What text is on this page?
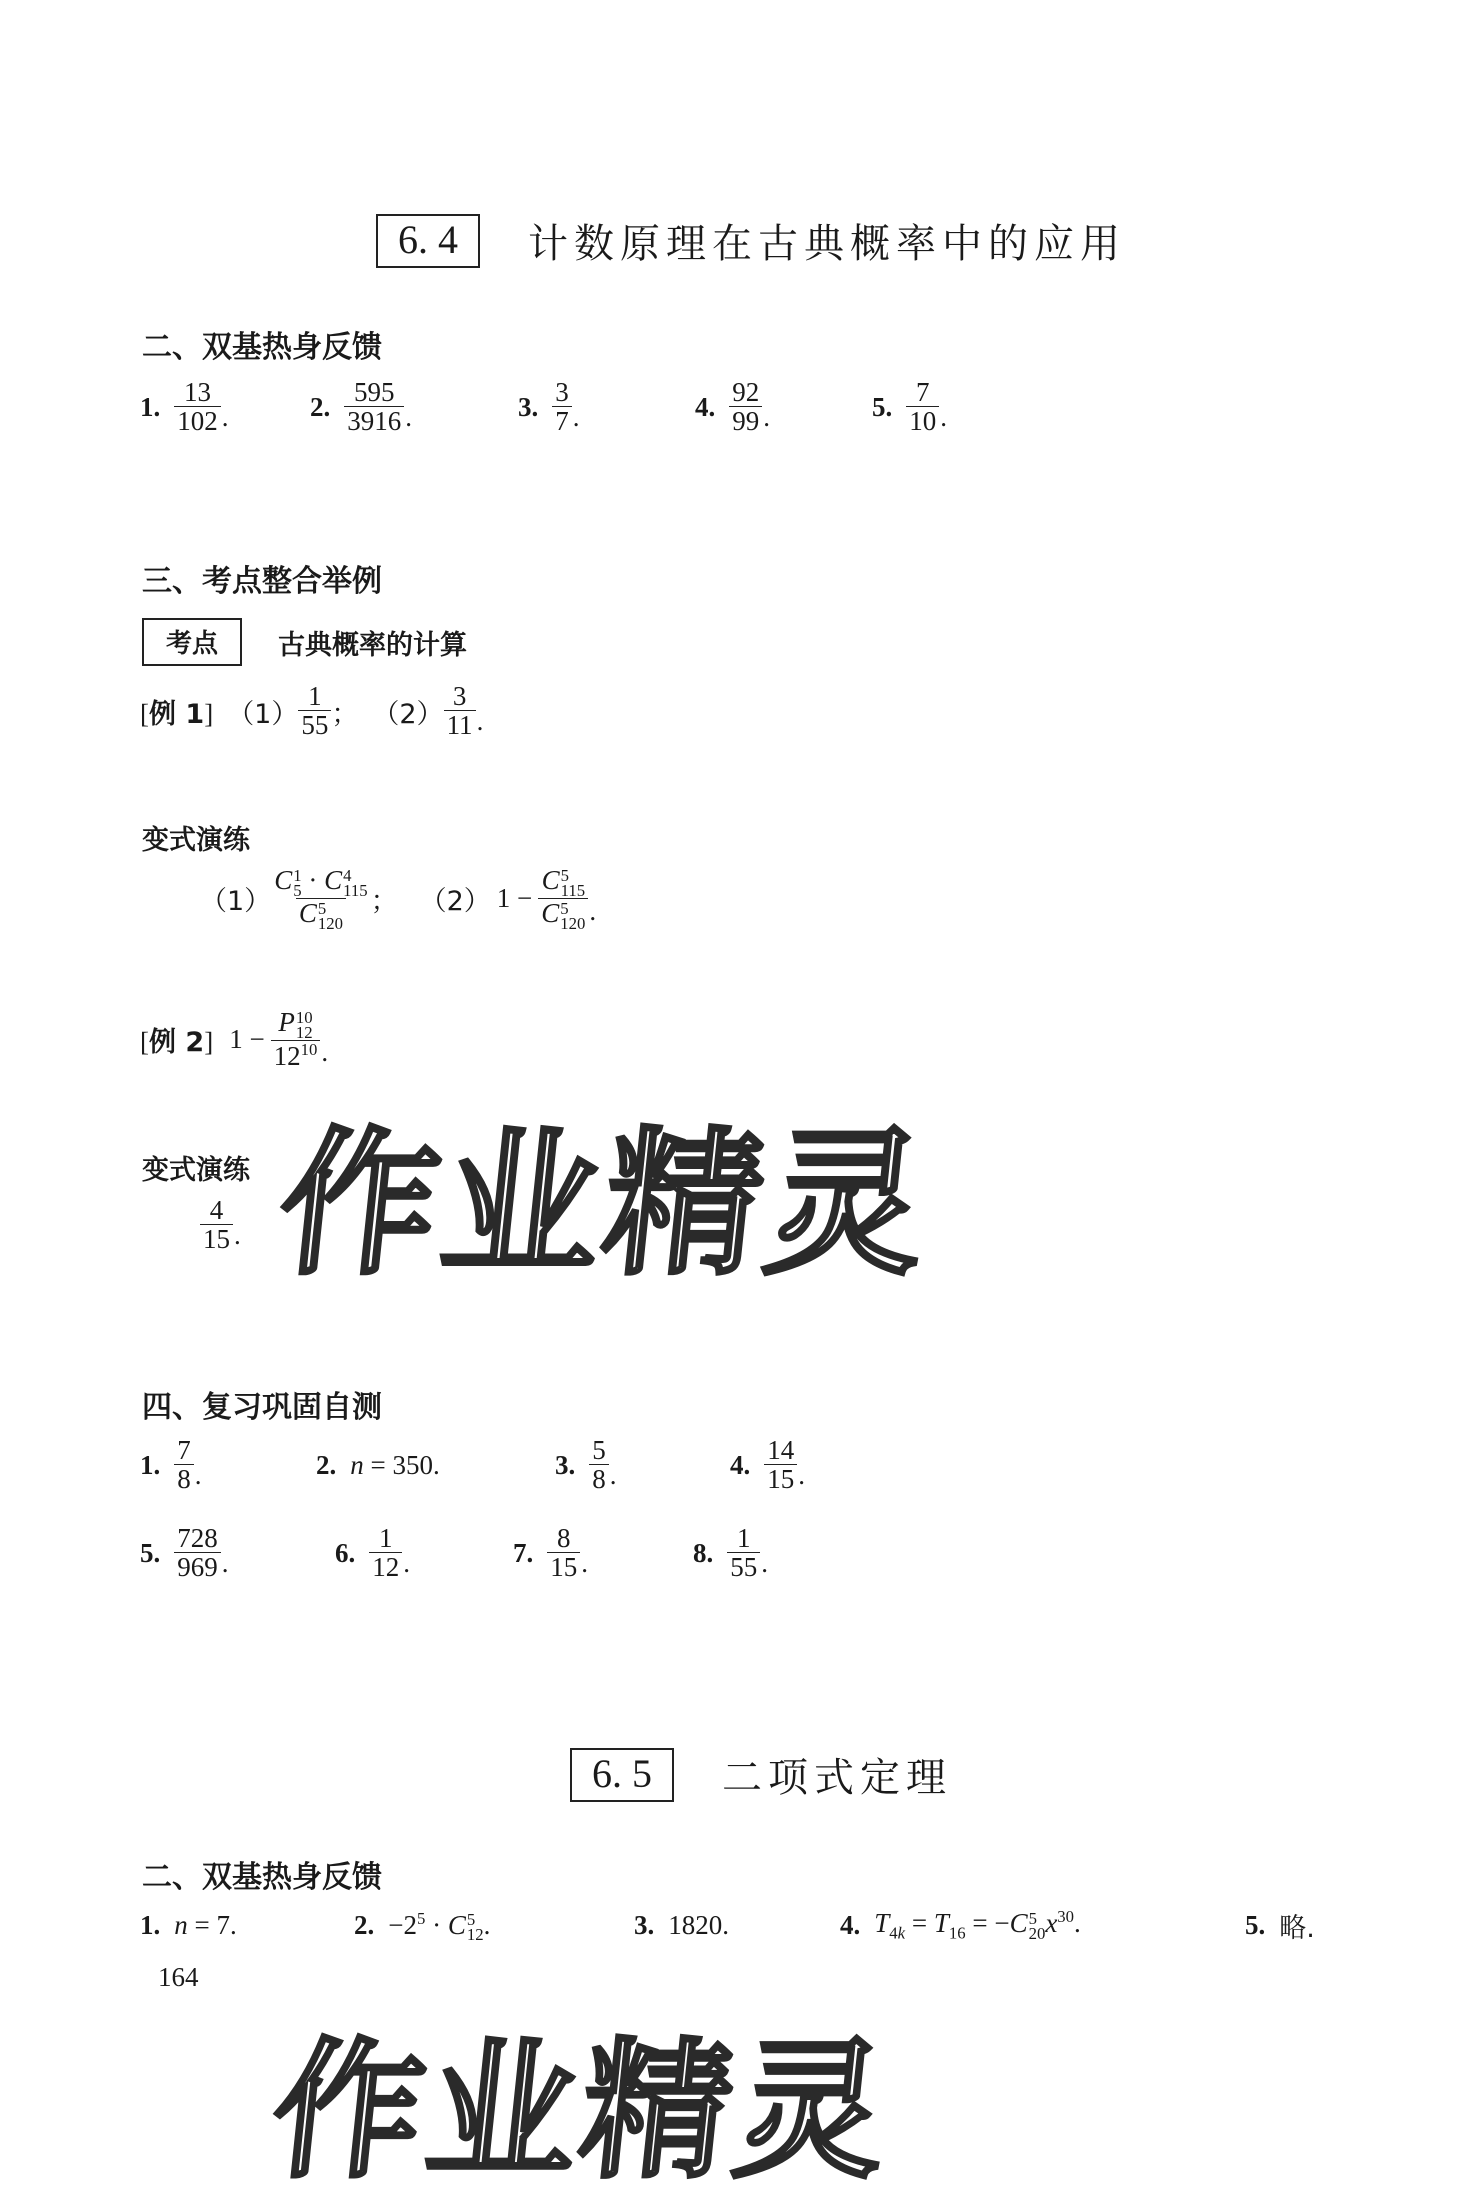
6. 4	计数原理在古典概率中的应用
二、双基热身反馈
1. $\frac{13}{102}$ .	2. $\frac{595}{3916}$ .	3. $\frac{3}{7}$ .	4. $\frac{92}{99}$ .	5. $\frac{7}{10}$ .
三、考点整合举例
考点	古典概率的计算
[例 1] $(1) \frac{1}{55}$ ； $(2) \frac{3}{11}$ .
变式演练
（1） C 1
5 · C 4
115
C 5
120 ； （2） 1 − C 5
115
C 5
120 .
[例 2] 1 − P 10
12
$12^{10}$ .
变式演练
$\frac{4}{15}$ .
四、复习巩固自测
1. $\frac{7}{8}$ .	2. n
= 350.	3. $\frac{5}{8}$ .	4. $\frac{14}{15}$ .
5. $\frac{728}{969}$ .	6. $\frac{1}{12}$ .	7. $\frac{8}{15}$ .	8. $\frac{1}{55}$ .
作业精灵
6. 5	二项式定理
二、双基热身反馈
1. n
= 7.	2. $-2^5 \cdot C$ 5
12 .	3. 1820.	4. $T_{4k} = T_{16} = -C$ 5
20 $x^{30}$.	5. 略.
164
作业精灵
